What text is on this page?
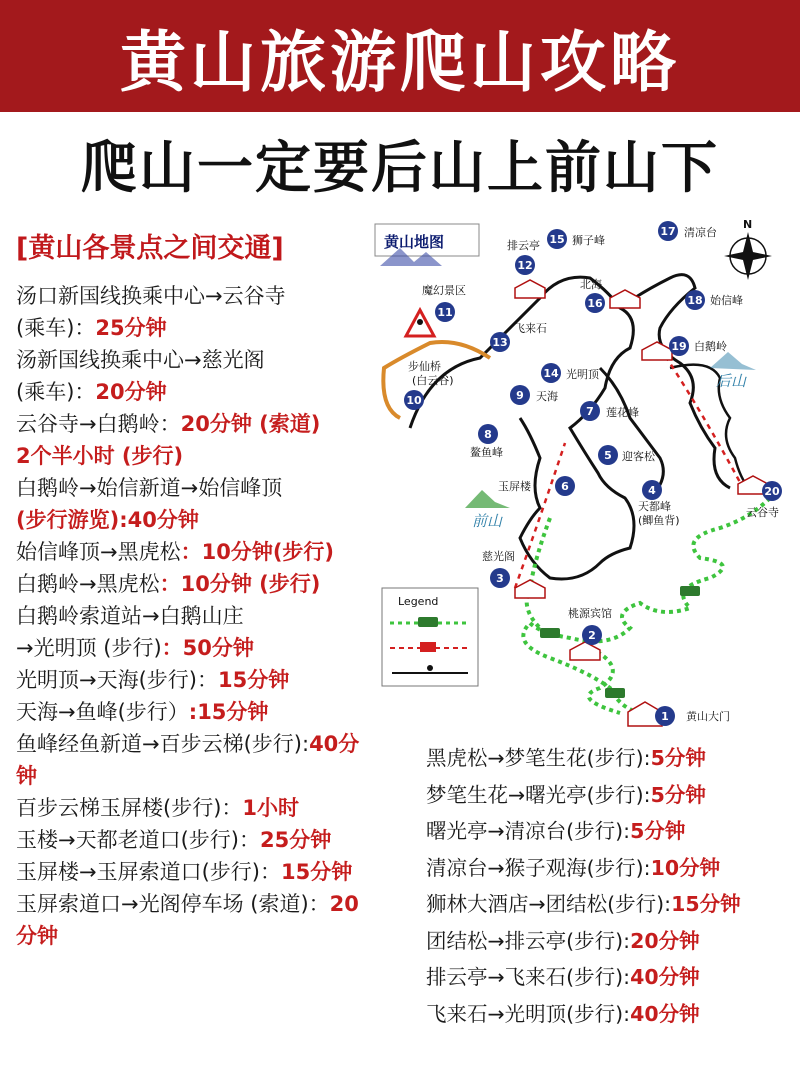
黄山旅游爬山攻略
爬山一定要后山上前山下
[黄山各景点之间交通]
汤口新国线换乘中心→云谷寺
(乘车)：25分钟
汤新国线换乘中心→慈光阁
(乘车)：20分钟
云谷寺→白鹅岭：20分钟 (索道)
2个半小时 (步行)
白鹅岭→始信新道→始信峰顶
(步行游览):40分钟
始信峰顶→黑虎松：10分钟(步行)
白鹅岭→黑虎松：10分钟 (步行)
白鹅岭索道站→白鹅山庄
→光明顶 (步行)：50分钟
光明顶→天海(步行)：15分钟
天海→鱼峰(步行）:15分钟
鱼峰经鱼新道→百步云梯(步行):40分
钟
百步云梯玉屏楼(步行)：1小时
玉楼→天都老道口(步行)：25分钟
玉屏楼→玉屏索道口(步行)：15分钟
玉屏索道口→光阁停车场 (索道)：20
分钟
黑虎松→梦笔生花(步行):5分钟
梦笔生花→曙光亭(步行):5分钟
曙光亭→清凉台(步行):5分钟
清凉台→猴子观海(步行):10分钟
狮林大酒店→团结松(步行):15分钟
团结松→排云亭(步行):20分钟
排云亭→飞来石(步行):40分钟
飞来石→光明顶(步行):40分钟
黄山地图
N
前山
后山
Legend
1 黄山大门
2
桃源宾馆
3
慈光阁
4
天都峰
(鲫鱼背)
5 迎客松
6
玉屏楼
7 莲花峰
8
鳌鱼峰
9 天海
10
步仙桥
(白云谷)
11
魔幻景区
12
排云亭
13
飞来石
14 光明顶
15 狮子峰
16
北海
17 清凉台
18 始信峰
19 白鹅岭
20
云谷寺
